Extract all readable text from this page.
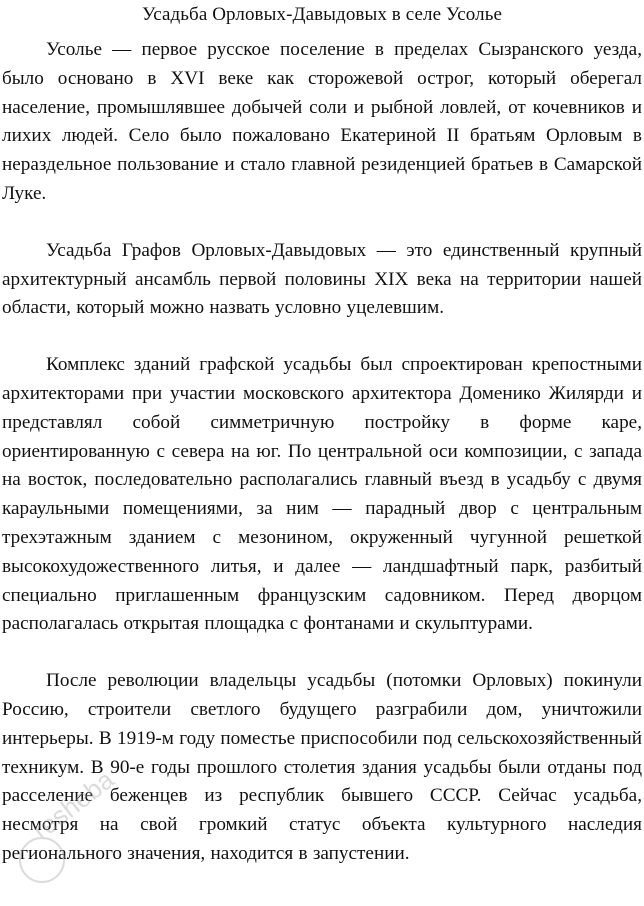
Усадьба Орловых-Давыдовых в селе Усолье

Усолье — первое русское поселение в пределах Сызранского уезда, было основано в XVI веке как сторожевой острог, который оберегал население, промышлявшее добычей соли и рыбной ловлей, от кочевников и лихих людей. Село было пожаловано Екатериной II братьям Орловым в нераздельное пользование и стало главной резиденцией братьев в Самарской Луке.

Усадьба Графов Орловых-Давыдовых — это единственный крупный архитектурный ансамбль первой половины XIX века на территории нашей области, который можно назвать условно уцелевшим.

Комплекс зданий графской усадьбы был спроектирован крепостными архитекторами при участии московского архитектора Доменико Жилярди и представлял собой симметричную постройку в форме каре, ориентированную с севера на юг. По центральной оси композиции, с запада на восток, последовательно располагались главный въезд в усадьбу с двумя караульными помещениями, за ним — парадный двор с центральным трехэтажным зданием с мезонином, окруженный чугунной решеткой высокохудожественного литья, и далее — ландшафтный парк, разбитый специально приглашенным французским садовником. Перед дворцом располагалась открытая площадка с фонтанами и скульптурами.

После революции владельцы усадьбы (потомки Орловых) покинули Россию, строители светлого будущего разграбили дом, уничтожили интерьеры. В 1919-м году поместье приспособили под сельскохозяйственный техникум. В 90-е годы прошлого столетия здания усадьбы были отданы под расселение беженцев из республик бывшего СССР. Сейчас усадьба, несмотря на свой громкий статус объекта культурного наследия регионального значения, находится в запустении.

resheba
